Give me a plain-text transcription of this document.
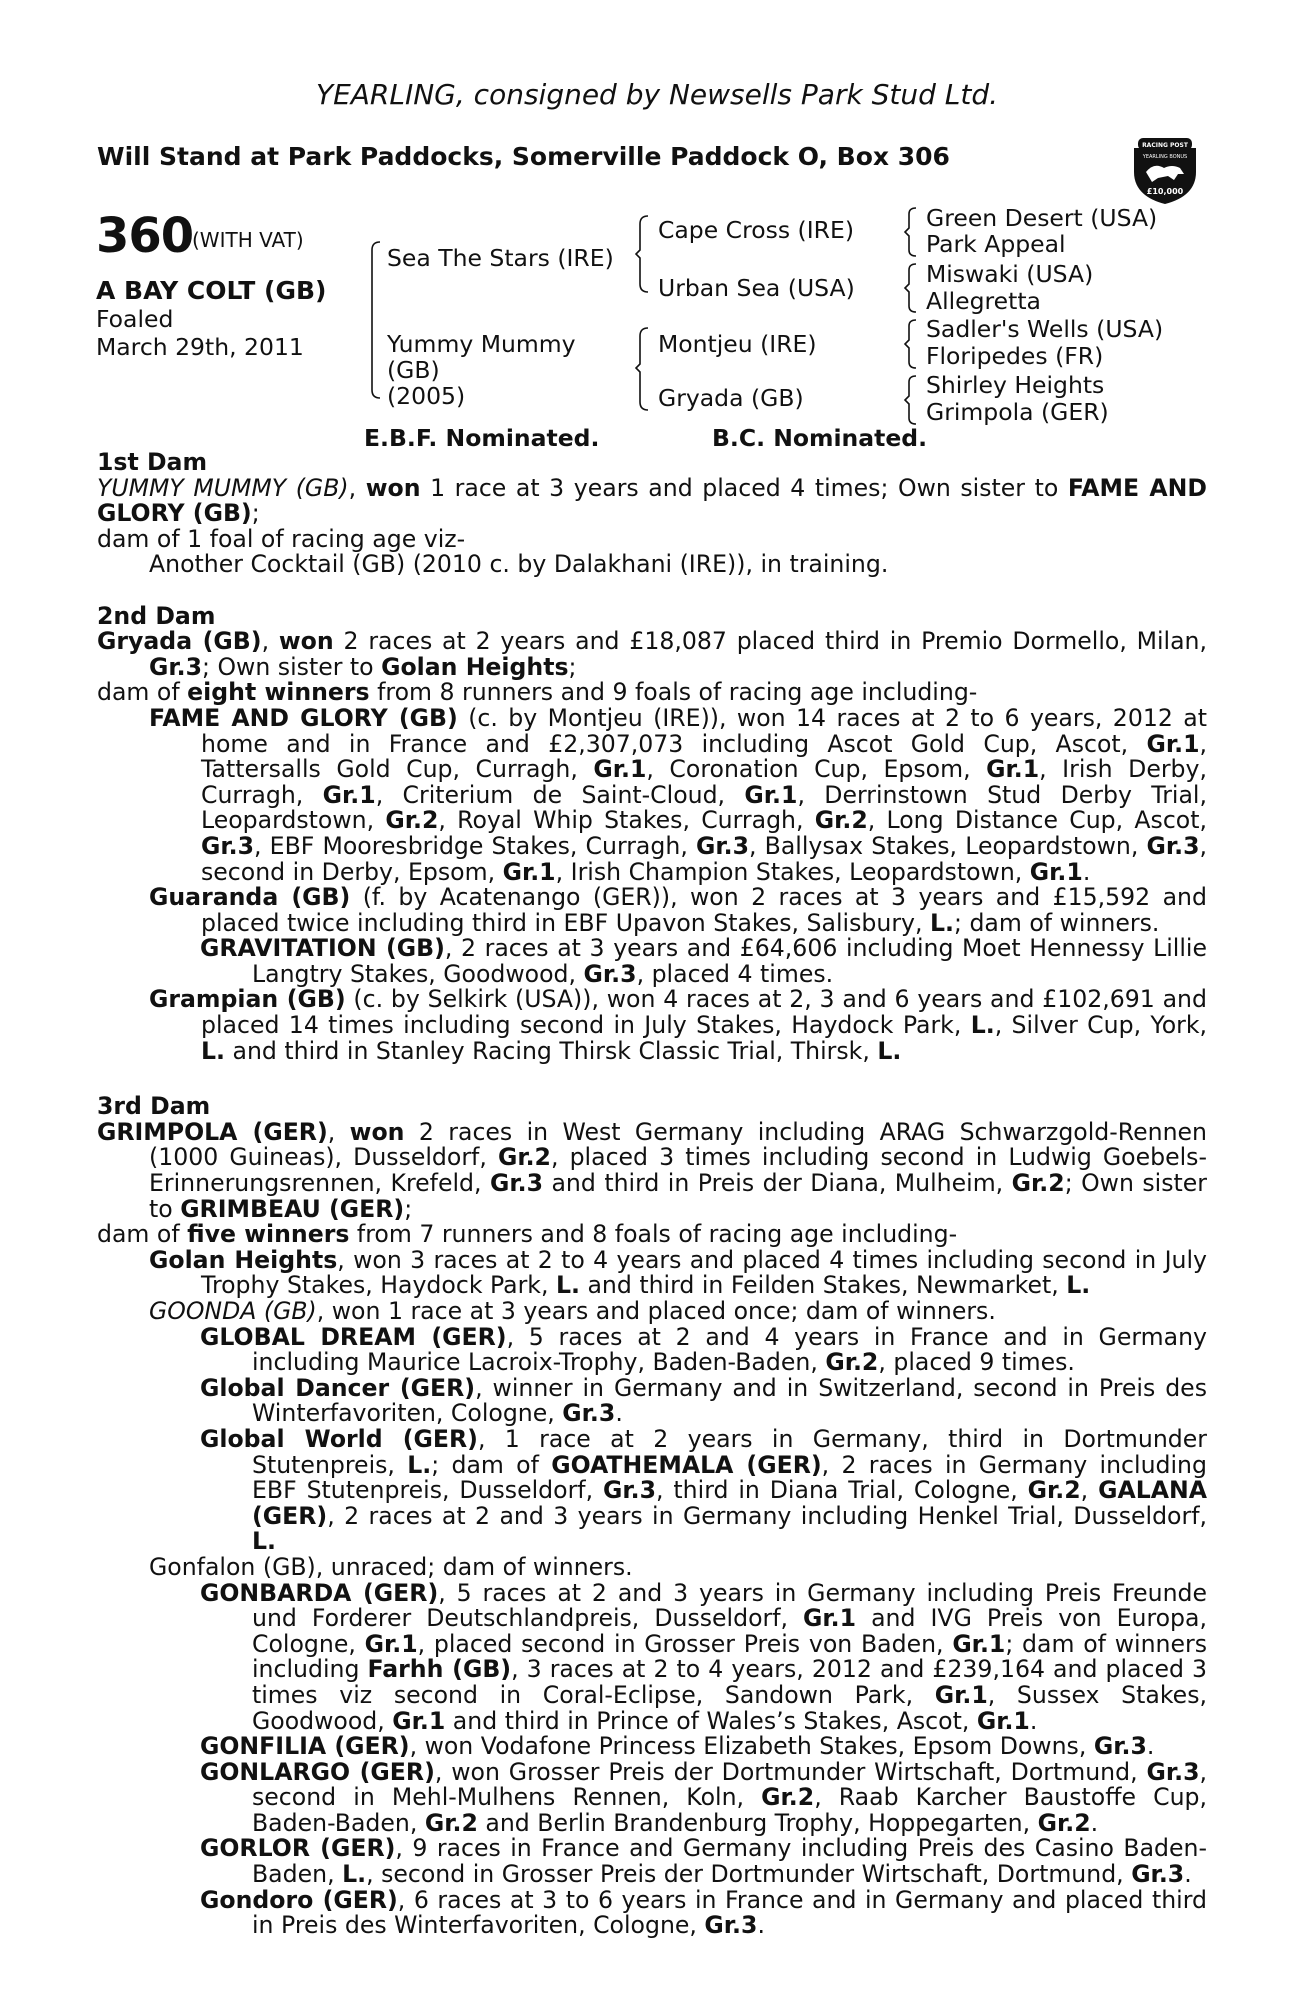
YEARLING, consigned by Newsells Park Stud Ltd.
Will Stand at Park Paddocks, Somerville Paddock O, Box 306	RACING POST
YEARLING BONUS
£10,000
360
(WITH VAT)
A BAY COLT (GB)
Foaled
March 29th, 2011
Sea The Stars (IRE)
Yummy Mummy
(GB)
(2005)
Cape Cross (IRE)
Urban Sea (USA)
Montjeu (IRE)
Gryada (GB)
Green Desert (USA)
Park Appeal
Miswaki (USA)
Allegretta
Sadler's Wells (USA)
Floripedes (FR)
Shirley Heights
Grimpola (GER)
E.B.F. Nominated.	B.C. Nominated.

1st Dam

YUMMY MUMMY (GB), won 1 race at 3 years and placed 4 times; Own sister to FAME AND GLORY (GB);

dam of 1 foal of racing age viz-

Another Cocktail (GB) (2010 c. by Dalakhani (IRE)), in training.

2nd Dam

Gryada (GB), won 2 races at 2 years and £18,087 placed third in Premio Dormello, Milan, Gr.3; Own sister to Golan Heights;

dam of eight winners from 8 runners and 9 foals of racing age including-

FAME AND GLORY (GB) (c. by Montjeu (IRE)), won 14 races at 2 to 6 years, 2012 at home and in France and £2,307,073 including Ascot Gold Cup, Ascot, Gr.1, Tattersalls Gold Cup, Curragh, Gr.1, Coronation Cup, Epsom, Gr.1, Irish Derby, Curragh, Gr.1, Criterium de Saint-Cloud, Gr.1, Derrinstown Stud Derby Trial, Leopardstown, Gr.2, Royal Whip Stakes, Curragh, Gr.2, Long Distance Cup, Ascot, Gr.3, EBF Mooresbridge Stakes, Curragh, Gr.3, Ballysax Stakes, Leopardstown, Gr.3, second in Derby, Epsom, Gr.1, Irish Champion Stakes, Leopardstown, Gr.1.

Guaranda (GB) (f. by Acatenango (GER)), won 2 races at 3 years and £15,592 and placed twice including third in EBF Upavon Stakes, Salisbury, L.; dam of winners.

GRAVITATION (GB), 2 races at 3 years and £64,606 including Moet Hennessy Lillie Langtry Stakes, Goodwood, Gr.3, placed 4 times.

Grampian (GB) (c. by Selkirk (USA)), won 4 races at 2, 3 and 6 years and £102,691 and placed 14 times including second in July Stakes, Haydock Park, L., Silver Cup, York, L. and third in Stanley Racing Thirsk Classic Trial, Thirsk, L.

3rd Dam

GRIMPOLA (GER), won 2 races in West Germany including ARAG Schwarzgold-Rennen (1000 Guineas), Dusseldorf, Gr.2, placed 3 times including second in Ludwig Goebels-Erinnerungsrennen, Krefeld, Gr.3 and third in Preis der Diana, Mulheim, Gr.2; Own sister to GRIMBEAU (GER);

dam of five winners from 7 runners and 8 foals of racing age including-

Golan Heights, won 3 races at 2 to 4 years and placed 4 times including second in July Trophy Stakes, Haydock Park, L. and third in Feilden Stakes, Newmarket, L.

GOONDA (GB), won 1 race at 3 years and placed once; dam of winners.

GLOBAL DREAM (GER), 5 races at 2 and 4 years in France and in Germany including Maurice Lacroix-Trophy, Baden-Baden, Gr.2, placed 9 times.

Global Dancer (GER), winner in Germany and in Switzerland, second in Preis des Winterfavoriten, Cologne, Gr.3.

Global World (GER), 1 race at 2 years in Germany, third in Dortmunder Stutenpreis, L.; dam of GOATHEMALA (GER), 2 races in Germany including EBF Stutenpreis, Dusseldorf, Gr.3, third in Diana Trial, Cologne, Gr.2, GALANA (GER), 2 races at 2 and 3 years in Germany including Henkel Trial, Dusseldorf, L.

Gonfalon (GB), unraced; dam of winners.

GONBARDA (GER), 5 races at 2 and 3 years in Germany including Preis Freunde und Forderer Deutschlandpreis, Dusseldorf, Gr.1 and IVG Preis von Europa, Cologne, Gr.1, placed second in Grosser Preis von Baden, Gr.1; dam of winners including Farhh (GB), 3 races at 2 to 4 years, 2012 and £239,164 and placed 3 times viz second in Coral-Eclipse, Sandown Park, Gr.1, Sussex Stakes, Goodwood, Gr.1 and third in Prince of Wales’s Stakes, Ascot, Gr.1.

GONFILIA (GER), won Vodafone Princess Elizabeth Stakes, Epsom Downs, Gr.3.

GONLARGO (GER), won Grosser Preis der Dortmunder Wirtschaft, Dortmund, Gr.3, second in Mehl-Mulhens Rennen, Koln, Gr.2, Raab Karcher Baustoffe Cup, Baden-Baden, Gr.2 and Berlin Brandenburg Trophy, Hoppegarten, Gr.2.

GORLOR (GER), 9 races in France and Germany including Preis des Casino Baden-Baden, L., second in Grosser Preis der Dortmunder Wirtschaft, Dortmund, Gr.3.

Gondoro (GER), 6 races at 3 to 6 years in France and in Germany and placed third in Preis des Winterfavoriten, Cologne, Gr.3.
